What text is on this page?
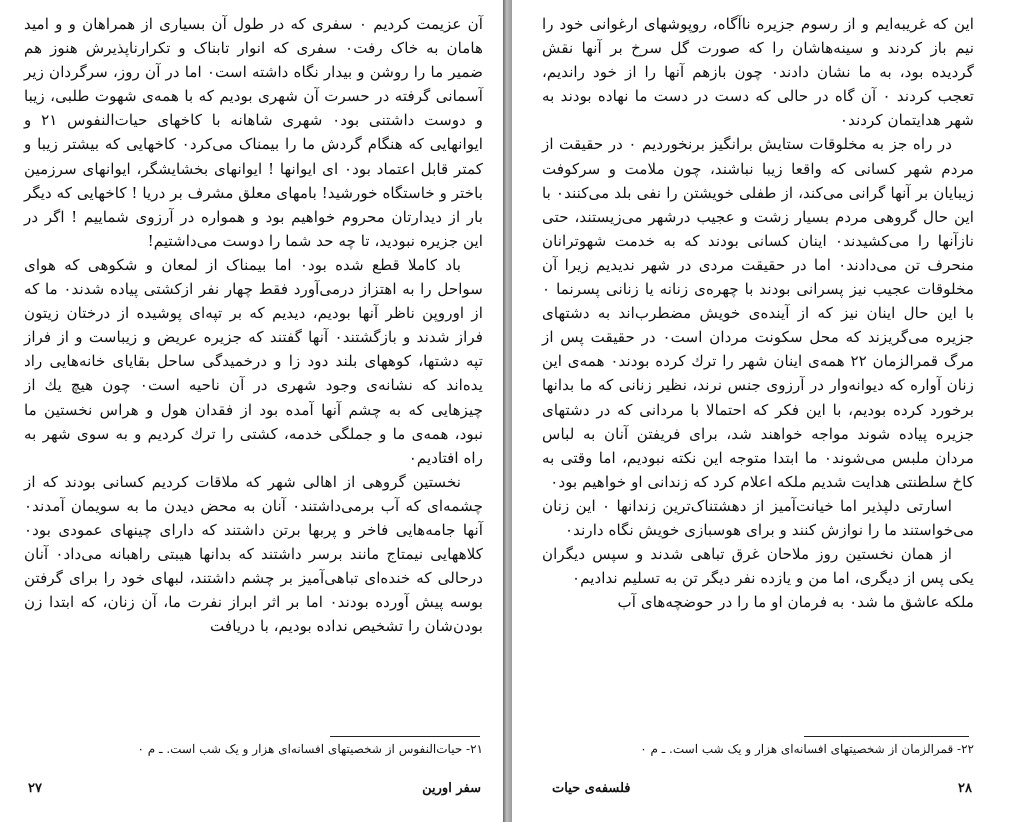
آن عزیمت کردیم ۰ سفری که در طول آن بسیاری از همراهان و و امید هامان به خاک رفت۰ سفری که انوار تابناک و تکرارناپذیرش هنوز هم ضمیر ما را روشن و بیدار نگاه داشته است۰ اما در آن روز، سرگردان زیر آسمانی گرفته در حسرت آن شهری بودیم که با همه‌ی شهوت طلبی، زیبا و دوست داشتنی بود۰ شهری شاهانه با کاخهای حیات‌النفوس ۲۱ و ایوانهایی که هنگام گردش ما را بیمناک می‌کرد۰ کاخهایی که بیشتر زیبا و کمتر قابل اعتماد بود۰ ای ایوانها ! ایوانهای بخشایشگر، ایوانهای سرزمین باختر و خاستگاه خورشید! بامهای معلق مشرف بر دریا ! کاخهایی که دیگر بار از دیدارتان محروم خواهیم بود و همواره در آرزوی شماییم ! اگر در این جزیره نبودید، تا چه حد شما را دوست می‌داشتیم!

باد کاملا قطع شده بود۰ اما بیمناک از لمعان و شکوهی که هوای سواحل را به اهتزاز درمی‌آورد فقط چهار نفر ازکشتی پیاده شدند۰ ما که از اوروپن ناظر آنها بودیم، دیدیم که بر تپه‌ای پوشیده از درختان زیتون فراز شدند و بازگشتند۰ آنها گفتند که جزیره عریض و زیباست و از فراز تپه دشتها، کوههای بلند دود زا و درخمیدگی ساحل بقایای خانه‌هایی راد یده‌اند که نشانه‌ی وجود شهری در آن ناحیه است۰ چون هیچ یك از چیزهایی که به چشم آنها آمده بود از فقدان هول و هراس نخستین ما نبود، همه‌ی ما و جملگی خدمه، کشتی را ترك کردیم و به سوی شهر به راه افتادیم۰

نخستین گروهی از اهالی شهر که ملاقات کردیم کسانی بودند که از چشمه‌ای که آب برمی‌داشتند۰ آنان به محض دیدن ما به سویمان آمدند۰ آنها جامه‌هایی فاخر و پربها برتن داشتند که دارای چینهای عمودی بود۰ کلاههایی نیمتاج مانند برسر داشتند که بدانها هیبتی راهبانه می‌داد۰ آنان درحالی که خنده‌ای تباهی‌آمیز بر چشم داشتند، لبهای خود را برای گرفتن بوسه پیش آورده بودند۰ اما بر اثر ابراز نفرت ما، آن زنان، که ابتدا زن بودن‌شان را تشخیص نداده بودیم، با دریافت

۲۱- حیات‌النفوس از شخصیتهای افسانه‌ای هزار و یک شب است. ـ م ۰
سفر اورین
۲۷

این که غریبه‌ایم و از رسوم جزیره ناآگاه، روپوشهای ارغوانی خود را نیم باز کردند و سینه‌هاشان را که صورت گل سرخ بر آنها نقش گردیده بود، به ما نشان دادند۰ چون بازهم آنها را از خود راندیم، تعجب کردند ۰ آن گاه در حالی که دست در دست ما نهاده بودند به شهر هدایتمان کردند۰

در راه جز به مخلوقات ستایش برانگیز برنخوردیم ۰ در حقیقت از مردم شهر کسانی که واقعا زیبا نباشند، چون ملامت و سرکوفت زیبایان بر آنها گرانی می‌کند، از طفلی خویشتن را نفی بلد می‌کنند۰ با این حال گروهی مردم بسیار زشت و عجیب درشهر می‌زیستند، حتی نازآنها را می‌کشیدند۰ اینان کسانی بودند که به خدمت شهوترانان منحرف تن می‌دادند۰ اما در حقیقت مردی در شهر ندیدیم زیرا آن مخلوقات عجیب نیز پسرانی بودند با چهره‌ی زنانه یا زنانی پسرنما ۰ با این حال اینان نیز که از آینده‌ی خویش مضطرب‌اند به دشتهای جزیره می‌گریزند که محل سکونت مردان است۰ در حقیقت پس از مرگ قمرالزمان ۲۲ همه‌ی اینان شهر را ترك کرده بودند۰ همه‌ی این زنان آواره که دیوانه‌وار در آرزوی جنس نرند، نظیر زنانی که ما بدانها برخورد کرده بودیم، با این فکر که احتمالا با مردانی که در دشتهای جزیره پیاده شوند مواجه خواهند شد، برای فریفتن آنان به لباس مردان ملبس می‌شوند۰ ما ابتدا متوجه این نکته نبودیم، اما وقتی به کاخ سلطنتی هدایت شدیم ملکه اعلام کرد که زندانی او خواهیم بود۰

اسارتی دلپذیر اما خیانت‌آمیز از دهشتناک‌ترین زندانها ۰ این زنان می‌خواستند ما را نوازش کنند و برای هوسبازی خویش نگاه دارند۰

از همان نخستین روز ملاحان غرق تباهی شدند و سپس دیگران یکی پس از دیگری، اما من و یازده نفر دیگر تن به تسلیم ندادیم۰

ملکه عاشق ما شد۰ به فرمان او ما را در حوضچه‌های آب

۲۲- قمرالزمان از شخصیتهای افسانه‌ای هزار و یک شب است. ـ م ۰
فلسفه‌ی حیات	۲۸
